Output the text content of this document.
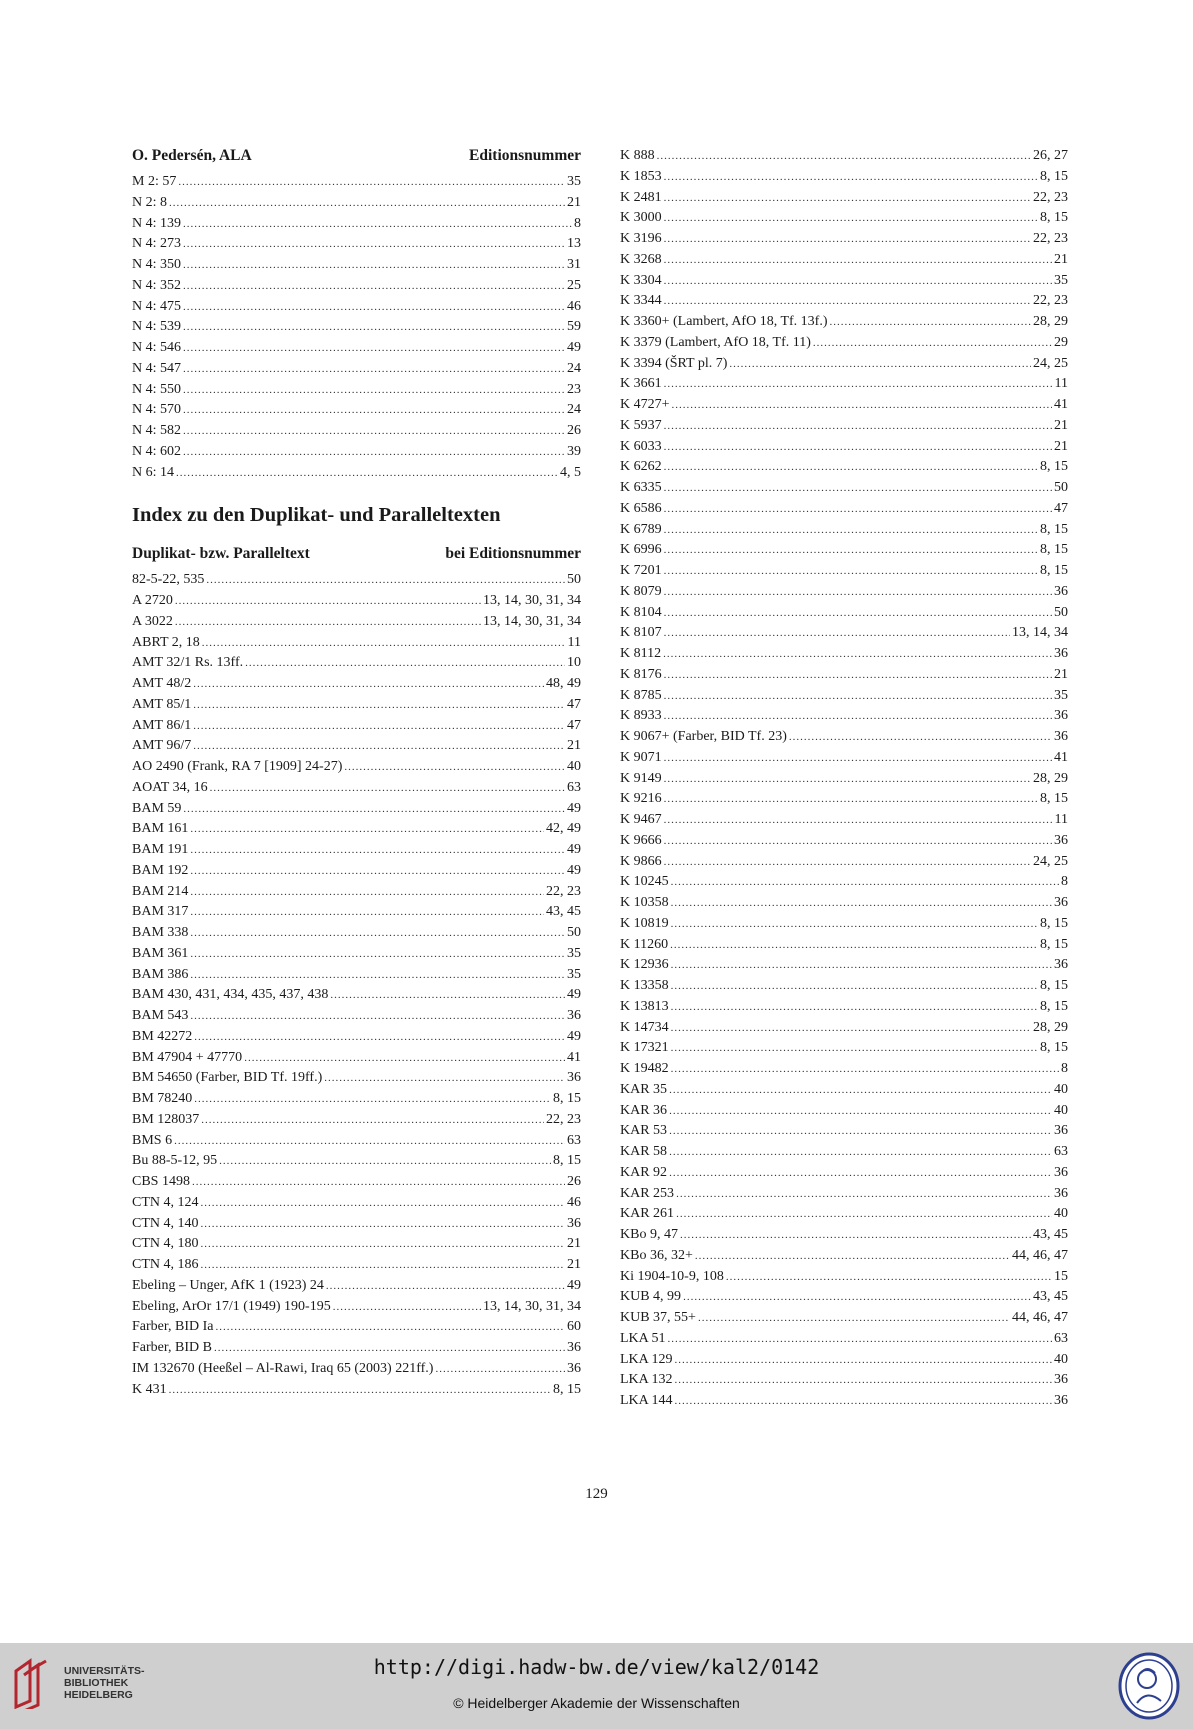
O. Pedersén, ALA	Editionsnummer
M 2: 57 .....	35
N 2: 8 .....	21
N 4: 139 .....	8
N 4: 273 .....	13
N 4: 350 .....	31
N 4: 352 .....	25
N 4: 475 .....	46
N 4: 539 .....	59
N 4: 546 .....	49
N 4: 547 .....	24
N 4: 550 .....	23
N 4: 570 .....	24
N 4: 582 .....	26
N 4: 602 .....	39
N 6: 14 .....	4, 5
Index zu den Duplikat- und Paralleltexten
Duplikat- bzw. Paralleltext	bei Editionsnummer
82-5-22, 535 .....	50
A 2720 .....	13, 14, 30, 31, 34
A 3022 .....	13, 14, 30, 31, 34
ABRT 2, 18 .....	11
AMT 32/1 Rs. 13ff. .....	10
AMT 48/2 .....	48, 49
AMT 85/1 .....	47
AMT 86/1 .....	47
AMT 96/7 .....	21
AO 2490 (Frank, RA 7 [1909] 24-27) .....	40
AOAT 34, 16 .....	63
BAM 59 .....	49
BAM 161 .....	42, 49
BAM 191 .....	49
BAM 192 .....	49
BAM 214 .....	22, 23
BAM 317 .....	43, 45
BAM 338 .....	50
BAM 361 .....	35
BAM 386 .....	35
BAM 430, 431, 434, 435, 437, 438 .....	49
BAM 543 .....	36
BM 42272 .....	49
BM 47904 + 47770 .....	41
BM 54650 (Farber, BID Tf. 19ff.) .....	36
BM 78240 .....	8, 15
BM 128037 .....	22, 23
BMS 6 .....	63
Bu 88-5-12, 95 .....	8, 15
CBS 1498 .....	26
CTN 4, 124 .....	46
CTN 4, 140 .....	36
CTN 4, 180 .....	21
CTN 4, 186 .....	21
Ebeling – Unger, AfK 1 (1923) 24 .....	49
Ebeling, ArOr 17/1 (1949) 190-195 .....	13, 14, 30, 31, 34
Farber, BID Ia .....	60
Farber, BID B .....	36
IM 132670 (Heeßel – Al-Rawi, Iraq 65 (2003) 221ff.) .....	36
K 431 .....	8, 15
K 888 .....	26, 27
K 1853 .....	8, 15
K 2481 .....	22, 23
K 3000 .....	8, 15
K 3196 .....	22, 23
K 3268 .....	21
K 3304 .....	35
K 3344 .....	22, 23
K 3360+ (Lambert, AfO 18, Tf. 13f.) .....	28, 29
K 3379 (Lambert, AfO 18, Tf. 11) .....	29
K 3394 (ŠRT pl. 7) .....	24, 25
K 3661 .....	11
K 4727+ .....	41
K 5937 .....	21
K 6033 .....	21
K 6262 .....	8, 15
K 6335 .....	50
K 6586 .....	47
K 6789 .....	8, 15
K 6996 .....	8, 15
K 7201 .....	8, 15
K 8079 .....	36
K 8104 .....	50
K 8107 .....	13, 14, 34
K 8112 .....	36
K 8176 .....	21
K 8785 .....	35
K 8933 .....	36
K 9067+ (Farber, BID Tf. 23) .....	36
K 9071 .....	41
K 9149 .....	28, 29
K 9216 .....	8, 15
K 9467 .....	11
K 9666 .....	36
K 9866 .....	24, 25
K 10245 .....	8
K 10358 .....	36
K 10819 .....	8, 15
K 11260 .....	8, 15
K 12936 .....	36
K 13358 .....	8, 15
K 13813 .....	8, 15
K 14734 .....	28, 29
K 17321 .....	8, 15
K 19482 .....	8
KAR 35 .....	40
KAR 36 .....	40
KAR 53 .....	36
KAR 58 .....	63
KAR 92 .....	36
KAR 253 .....	36
KAR 261 .....	40
KBo 9, 47 .....	43, 45
KBo 36, 32+ .....	44, 46, 47
Ki 1904-10-9, 108 .....	15
KUB 4, 99 .....	43, 45
KUB 37, 55+ .....	44, 46, 47
LKA 51 .....	63
LKA 129 .....	40
LKA 132 .....	36
LKA 144 .....	36
129
UNIVERSITÄTS-
BIBLIOTHEK
HEIDELBERG
http://digi.hadw-bw.de/view/kal2/0142
© Heidelberger Akademie der Wissenschaften
